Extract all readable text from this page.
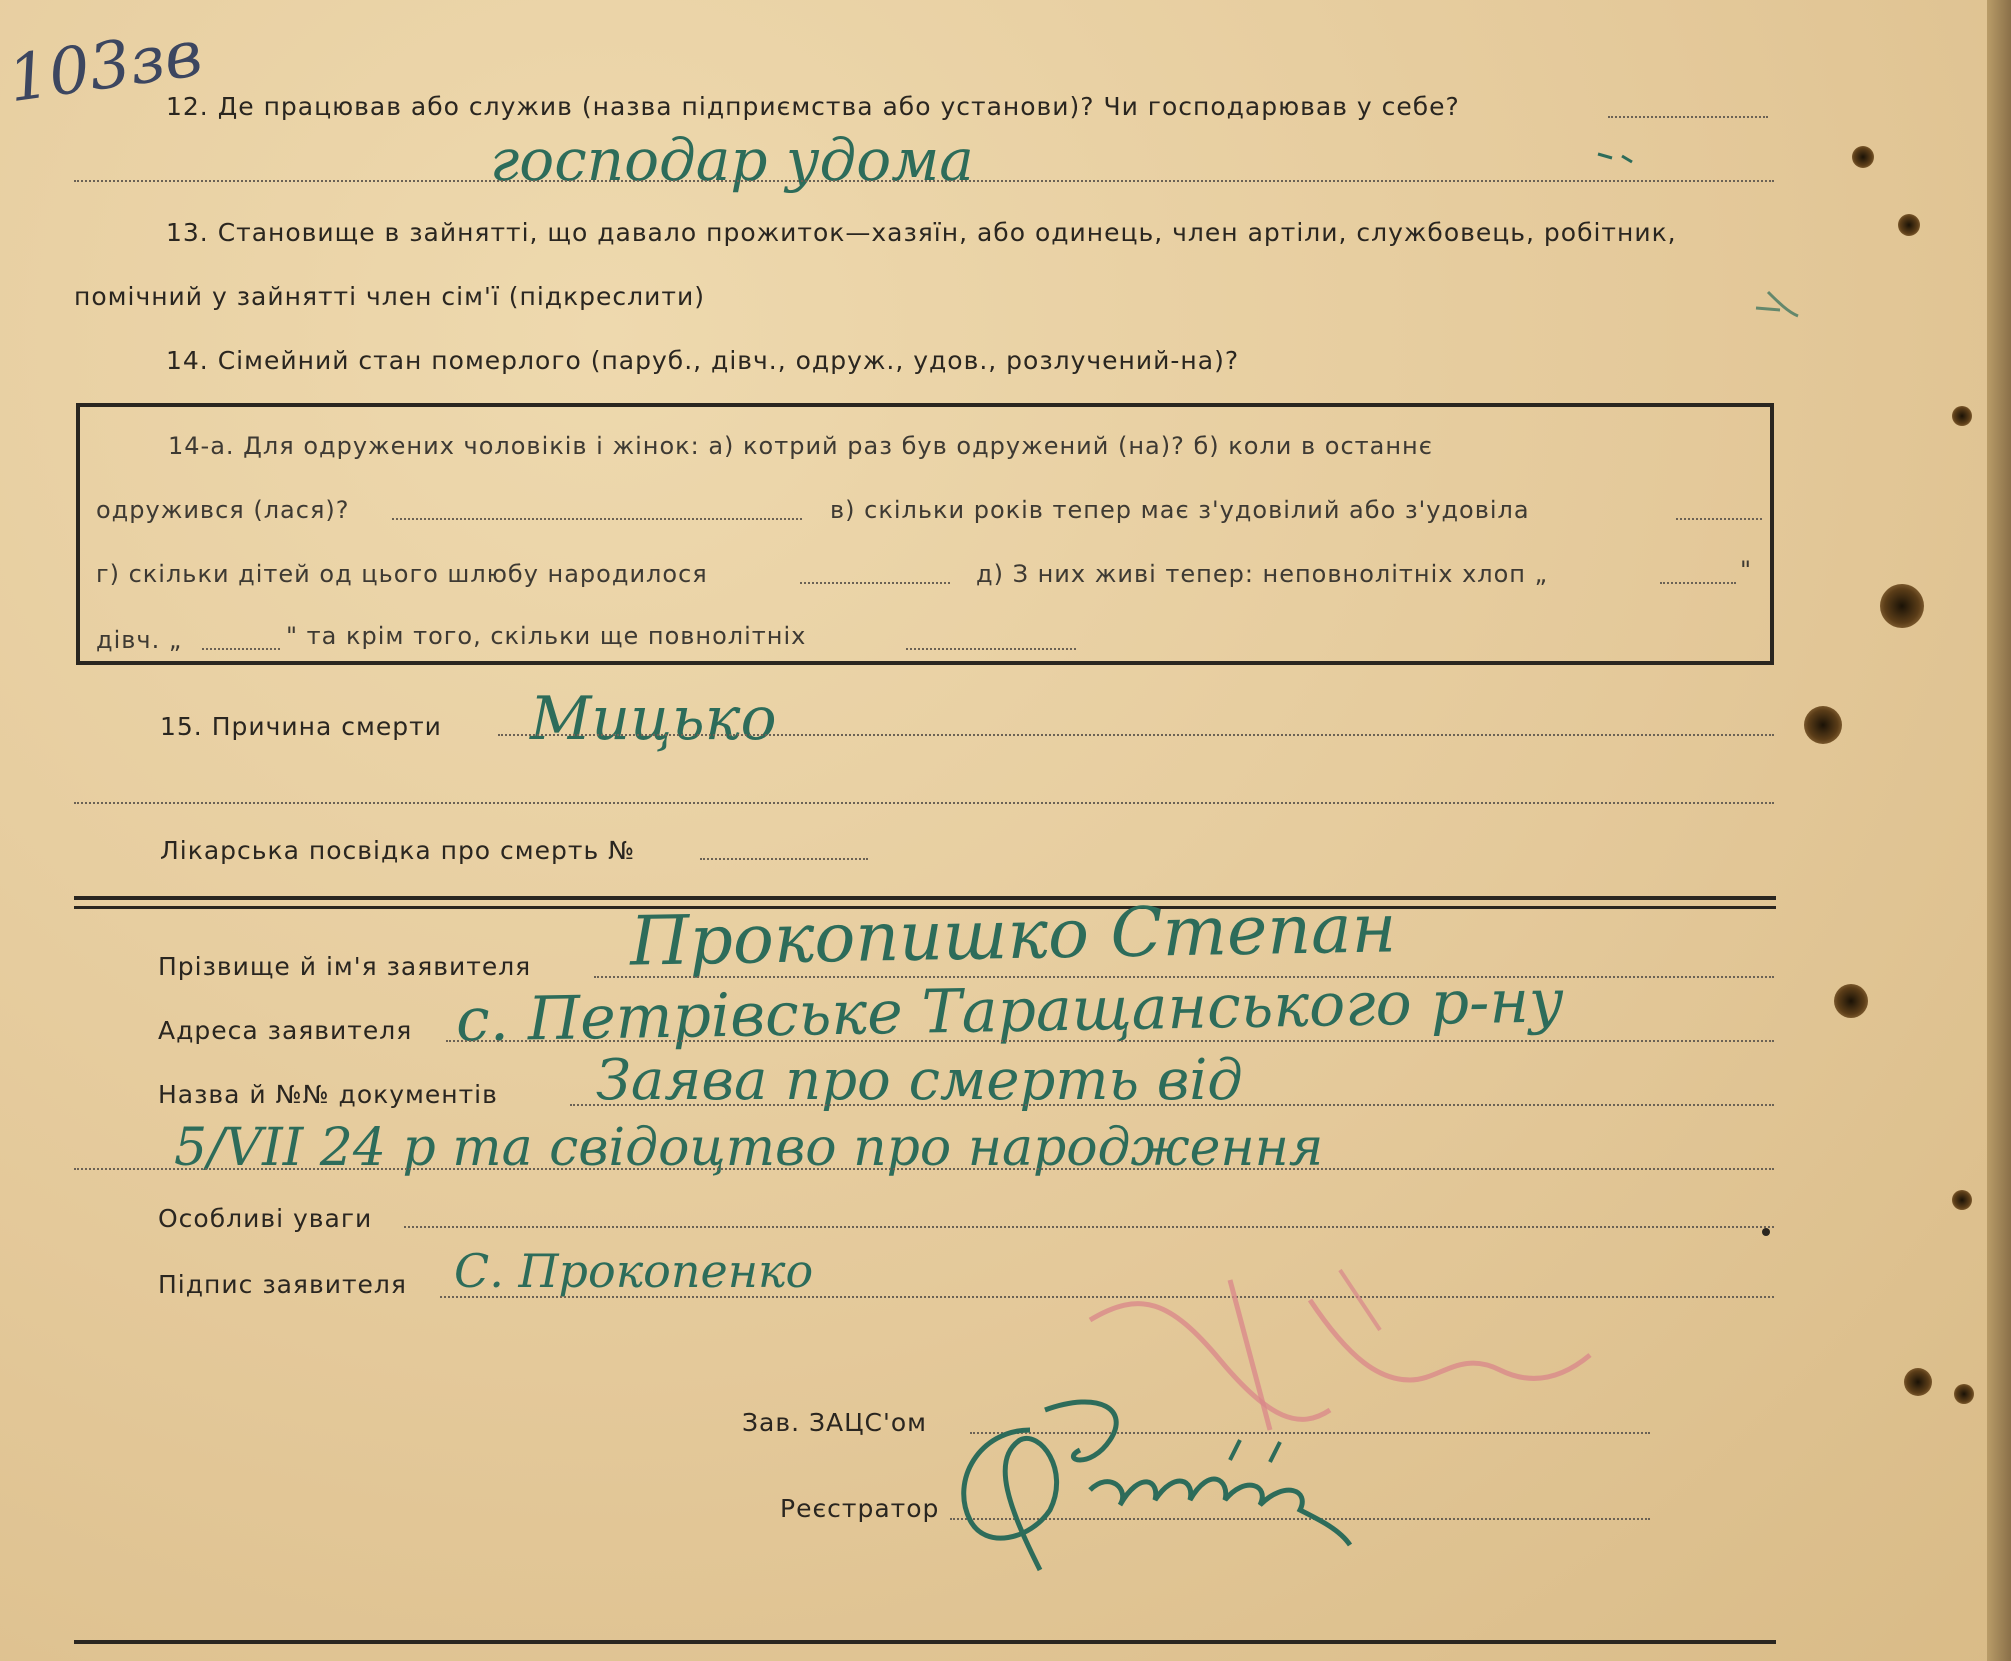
103зв
12. Де працював або служив (назва підприємства або установи)? Чи господарював у себе?
господар удома
13. Становище в зайнятті, що давало прожиток—хазяїн, або одинець, член артіли, службовець, робітник,
помічний у зайнятті член сім'ї (підкреслити)
14. Сімейний стан померлого (паруб., дівч., одруж., удов., розлучений-на)?
14-а. Для одружених чоловіків і жінок: а) котрий раз був одружений (на)? б) коли в останнє
одружився (лася)?	в) скільки років тепер має з'удовілий або з'удовіла
г) скільки дітей од цього шлюбу народилося	д) З них живі тепер: неповнолітніх хлоп „	"
дівч. „	" та крім того, скільки ще повнолітніх
15. Причина смерти Мицько
Лікарська посвідка про смерть №
Прізвище й ім'я заявителя Прокопишко Степан
Адреса заявителя с. Петрівське Таращанського р-ну
Назва й №№ документів Заява про смерть від
5/VII 24 р та свідоцтво про народження
Особливі уваги
Підпис заявителя С. Прокопенко
Зав. ЗАЦС'ом
Реєстратор
